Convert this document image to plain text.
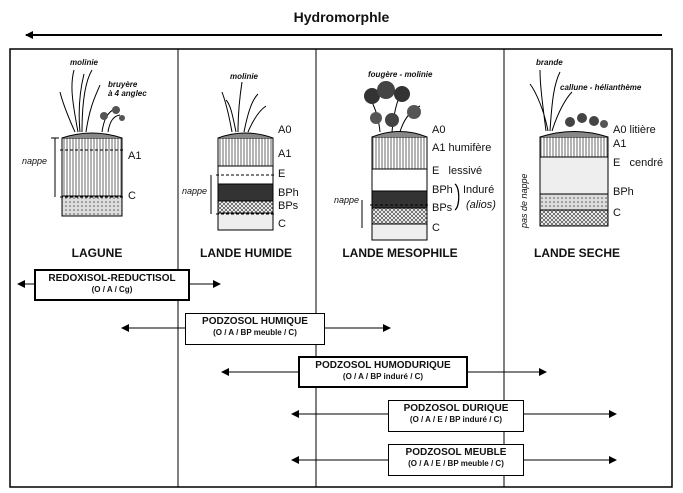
Hydromorphle
molinie
bruyère
à 4 anglec
molinie	fougère - molinie
brande
callune - hélianthème
A1
C
nappe
A0
A1
E
BPh
BPs
C
nappe
A0
A1 humifère
E   lessivé
BPh
BPs
C
Induré
(alios)
nappe
A0 litière
A1
E   cendré
BPh
C
pas de nappe
LAGUNE	LANDE HUMIDE	LANDE MESOPHILE	LANDE SECHE
REDOXISOL-REDUCTISOL
(O / A / Cg)
PODZOSOL HUMIQUE
(O / A / BP meuble / C)
PODZOSOL HUMODURIQUE
(O / A / BP induré / C)
PODZOSOL DURIQUE
(O / A / E / BP induré / C)
PODZOSOL MEUBLE
(O / A / E / BP meuble / C)
